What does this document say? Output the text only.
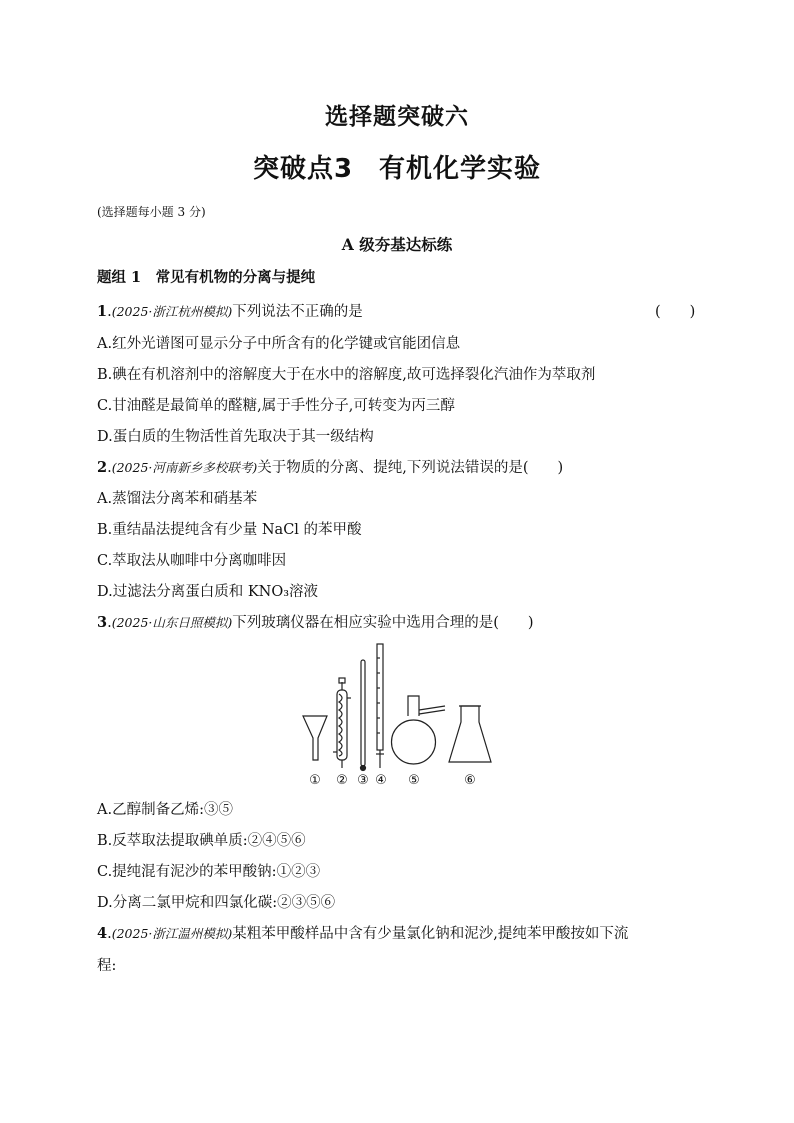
选择题突破六
突破点3 有机化学实验
(选择题每小题 3 分)
A 级夯基达标练
题组 1　常见有机物的分离与提纯
1.(2025·浙江杭州模拟)下列说法不正确的是	(　　)
A.红外光谱图可显示分子中所含有的化学键或官能团信息
B.碘在有机溶剂中的溶解度大于在水中的溶解度,故可选择裂化汽油作为萃取剂
C.甘油醛是最简单的醛糖,属于手性分子,可转变为丙三醇
D.蛋白质的生物活性首先取决于其一级结构
2.(2025·河南新乡多校联考)关于物质的分离、提纯,下列说法错误的是(　　)
A.蒸馏法分离苯和硝基苯
B.重结晶法提纯含有少量 NaCl 的苯甲酸
C.萃取法从咖啡中分离咖啡因
D.过滤法分离蛋白质和 KNO₃溶液
3.(2025·山东日照模拟)下列玻璃仪器在相应实验中选用合理的是(　　)
① ② ③ ④ ⑤	⑥
A.乙醇制备乙烯:③⑤
B.反萃取法提取碘单质:②④⑤⑥
C.提纯混有泥沙的苯甲酸钠:①②③
D.分离二氯甲烷和四氯化碳:②③⑤⑥
4.(2025·浙江温州模拟)某粗苯甲酸样品中含有少量氯化钠和泥沙,提纯苯甲酸按如下流
程:
